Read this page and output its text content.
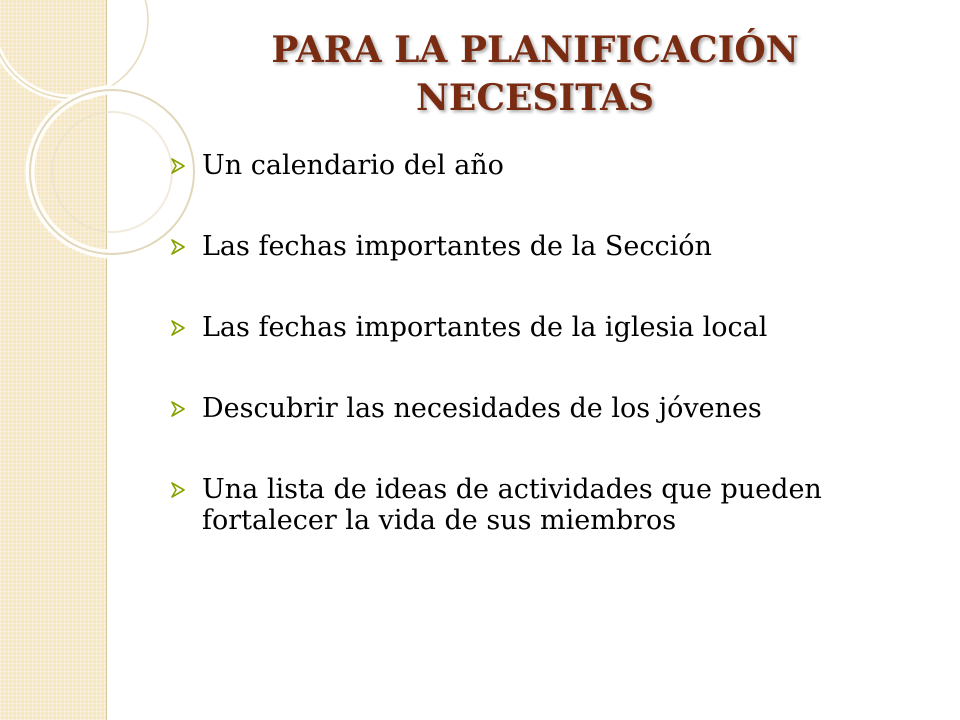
PARA LA PLANIFICACIÓN
NECESITAS
Un calendario del año
Las fechas importantes de la Sección
Las fechas importantes de la iglesia local
Descubrir las necesidades de los jóvenes
Una lista de ideas de actividades que pueden fortalecer la vida de sus miembros
